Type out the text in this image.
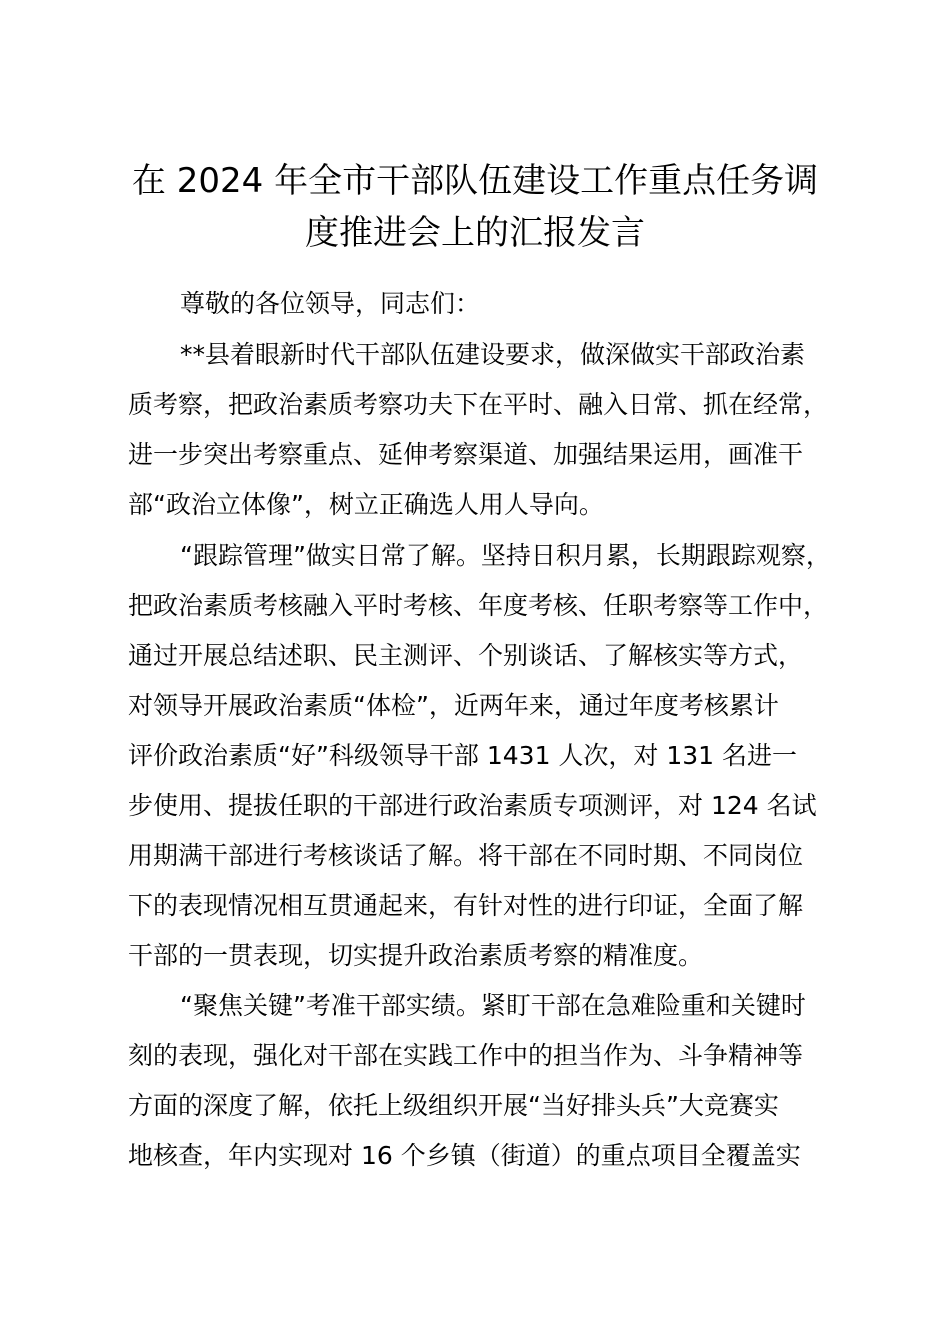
在 2024 年全市干部队伍建设工作重点任务调
度推进会上的汇报发言
尊敬的各位领导，同志们：
**县着眼新时代干部队伍建设要求，做深做实干部政治素
质考察，把政治素质考察功夫下在平时、融入日常、抓在经常，
进一步突出考察重点、延伸考察渠道、加强结果运用，画准干
部“政治立体像”，树立正确选人用人导向。
“跟踪管理”做实日常了解。坚持日积月累，长期跟踪观察，
把政治素质考核融入平时考核、年度考核、任职考察等工作中，
通过开展总结述职、民主测评、个别谈话、了解核实等方式，
对领导开展政治素质“体检”，近两年来，通过年度考核累计
评价政治素质“好”科级领导干部 1431 人次，对 131 名进一
步使用、提拔任职的干部进行政治素质专项测评，对 124 名试
用期满干部进行考核谈话了解。将干部在不同时期、不同岗位
下的表现情况相互贯通起来，有针对性的进行印证，全面了解
干部的一贯表现，切实提升政治素质考察的精准度。
“聚焦关键”考准干部实绩。紧盯干部在急难险重和关键时
刻的表现，强化对干部在实践工作中的担当作为、斗争精神等
方面的深度了解，依托上级组织开展“当好排头兵”大竞赛实
地核查，年内实现对 16 个乡镇（街道）的重点项目全覆盖实
